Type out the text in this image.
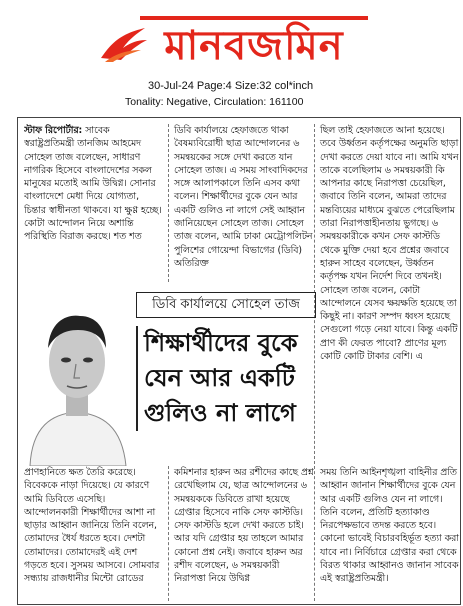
মানবজমিন
30-Jul-24 Page:4 Size:32 col*inch
Tonality: Negative, Circulation: 161100

স্টাফ রিপোর্টার: সাবেক স্বরাষ্ট্রপ্রতিমন্ত্রী তানজিম আহমেদ সোহেল তাজ বলেছেন, সাধারণ নাগরিক হিসেবে বাংলাদেশের সকল মানুষের মতোই আমি উদ্বিগ্ন। সোনার বাংলাদেশে মেধা দিয়ে যোগ্যতা, চিন্তার স্বাধীনতা থাকবে। যা ক্ষুণ্ণ হচ্ছে। কোটা আন্দোলন নিয়ে অশান্তি পরিস্থিতি বিরাজ করছে। শত শত

ডিবি কার্যালয়ে হেফাজতে থাকা বৈষম্যবিরোধী ছাত্র আন্দোলনের ৬ সমন্বয়কের সঙ্গে দেখা করতে যান সোহেল তাজ। এ সময় সাংবাদিকদের সঙ্গে আলাপকালে তিনি এসব কথা বলেন। শিক্ষার্থীদের বুকে যেন আর একটি গুলিও না লাগে সেই আহ্বান জানিয়েছেন সোহেল তাজ। সোহেল তাজ বলেন, আমি ঢাকা মেট্রোপলিটন পুলিশের গোয়েন্দা বিভাগের (ডিবি) অতিরিক্ত

ছিল তাই হেফাজতে আনা হয়েছে। তবে উর্ধ্বতন কর্তৃপক্ষের অনুমতি ছাড়া দেখা করতে দেয়া যাবে না। আমি যখন তাকে বলেছিলাম ৬ সমন্বয়কারী কি আপনার কাছে নিরাপত্তা চেয়েছিল, জবাবে তিনি বলেন, আমরা তাদের মন্তব্যিয়ের মাধ্যমে বুঝতে পেরেছিলাম তারা নিরাপত্তাহীনতায় ভুগছে। ৬ সমন্বয়কারীকে কখন সেফ কাস্টডি থেকে মুক্তি দেয়া হবে প্রশ্নের জবাবে হারুন সাহেব বলেছেন, উর্ধ্বতন কর্তৃপক্ষ যখন নির্দেশ দিবে তখনই। সোহেল তাজ বলেন, কোটা আন্দোলনে যেসব ক্ষয়ক্ষতি হয়েছে তা কিছুই না। কারণ সম্পদ ধ্বংস হয়েছে সেগুলো গড়ে নেয়া যাবে। কিন্তু একটি প্রাণ কী ফেরত পাবো? প্রাণের মূল্য কোটি কোটি টাকার বেশি। এ

ডিবি কার্যালয়ে সোহেল তাজ
শিক্ষার্থীদের বুকে যেন আর একটি গুলিও না লাগে

প্রাণহানিতে ক্ষত তৈরি করেছে। বিবেককে নাড়া দিয়েছে। যে কারণে আমি ডিবিতে এসেছি। আন্দোলনকারী শিক্ষার্থীদের আশা না ছাড়ার আহ্বান জানিয়ে তিনি বলেন, তোমাদের ধৈর্য ধরতে হবে। দেশটা তোমাদের। তোমাদেরই এই দেশ গড়তে হবে। সুসময় আসবে। সোমবার সন্ধ্যায় রাজধানীর মিন্টো রোডের

কমিশনার হারুন অর রশীদের কাছে প্রশ্ন রেখেছিলাম যে, ছাত্র আন্দোলনের ৬ সমন্বয়ককে ডিবিতে রাখা হয়েছে গ্রেপ্তার হিসেবে নাকি সেফ কাস্টডি। সেফ কাস্টডি হলে দেখা করতে চাই। আর যদি গ্রেপ্তার হয় তাহলে আমার কোনো প্রশ্ন নেই। জবাবে হারুন অর রশীদ বলেছেন, ৬ সমন্বয়কারী নিরাপত্তা নিয়ে উদ্বিগ্ন

সময় তিনি আইনশৃঙ্খলা বাহিনীর প্রতি আহ্বান জানান শিক্ষার্থীদের বুকে যেন আর একটি গুলিও যেন না লাগে। তিনি বলেন, প্রতিটি হত্যাকাণ্ড নিরপেক্ষভাবে তদন্ত করতে হবে। কোনো ভাবেই বিচারবহির্ভূত হত্যা করা যাবে না। নির্বিচারে গ্রেপ্তার করা থেকে বিরত থাকার আহ্বানও জানান সাবেক এই স্বরাষ্ট্রপ্রতিমন্ত্রী।
